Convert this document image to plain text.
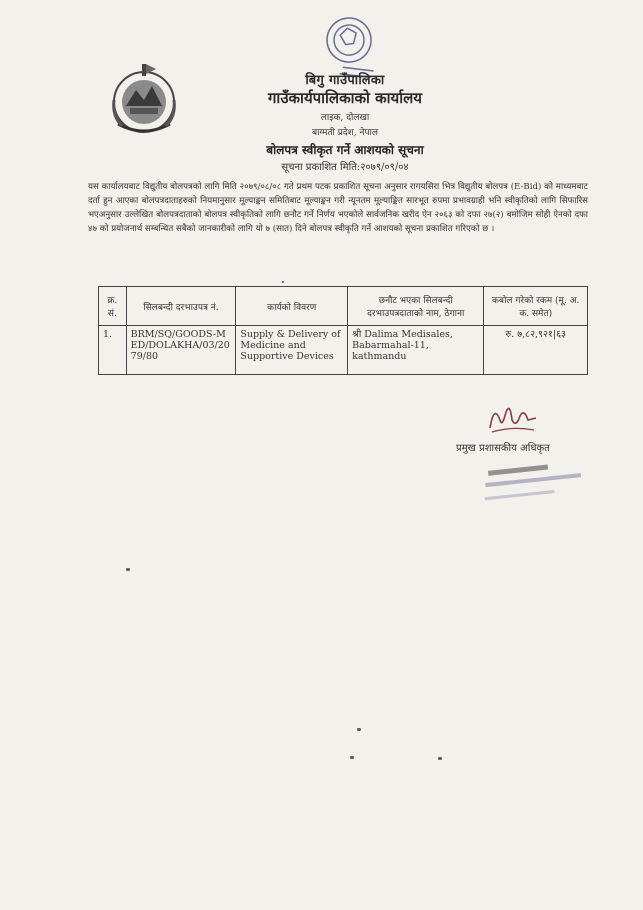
बिगु गाउँपालिका

गाउँकार्यपालिकाको कार्यालय

लाइक, दोलखा

बाग्मती प्रदेश, नेपाल

बोलपत्र स्वीकृत गर्ने आशयको सूचना

सूचना प्रकाशित मिति:२०७९/०९/०४

यस कार्यालयबाट विद्युतीय बोलपत्रको लागि मिति २०७९/०८/०८ गते प्रथम पटक प्रकाशित सूचना अनुसार रागयसिरा भित्र विद्युतीय बोलपत्र (E-Bid) को माध्यमबाट दर्ता हुन आएका बोलपत्रदाताहरुको नियमानुसार मूल्याङ्कन समितिबाट मूल्याङ्कन गरी न्यूनतम मूल्याङ्कित सारभूत रुपमा प्रभावग्राही भनि स्वीकृतिको लागि सिफारिस भएअनुसार उल्लेखित बोलपत्रदाताको बोलपत्र स्वीकृतिको लागि छनौट गर्ने निर्णय भएकोले सार्वजनिक खरीद ऐन २०६३ को दफा २७(२) बमोजिम सोही ऐनको दफा ४७ को प्रयोजनार्थ सम्बन्धित सबैको जानकारीको लागि यो ७ (सात) दिने बोलपत्र स्वीकृति गर्ने आशयको सूचना प्रकाशित गरिएको छ ।
क्र. सं.	सिलबन्दी दरभाउपत्र नं.	कार्यको विवरण	छनौट भएका सिलबन्दी दरभाउपत्रदाताको नाम, ठेगाना	कबोल गरेको रकम (मू. अ. क. समेत)
1.	BRM/SQ/GOODS-MED/DOLAKHA/03/2079/80	Supply & Delivery of Medicine and Supportive Devices	श्री Dalima Medisales, Babarmahal-11, kathmandu	रु. ७,८२,९२१|६३
प्रमुख प्रशासकीय अधिकृत
